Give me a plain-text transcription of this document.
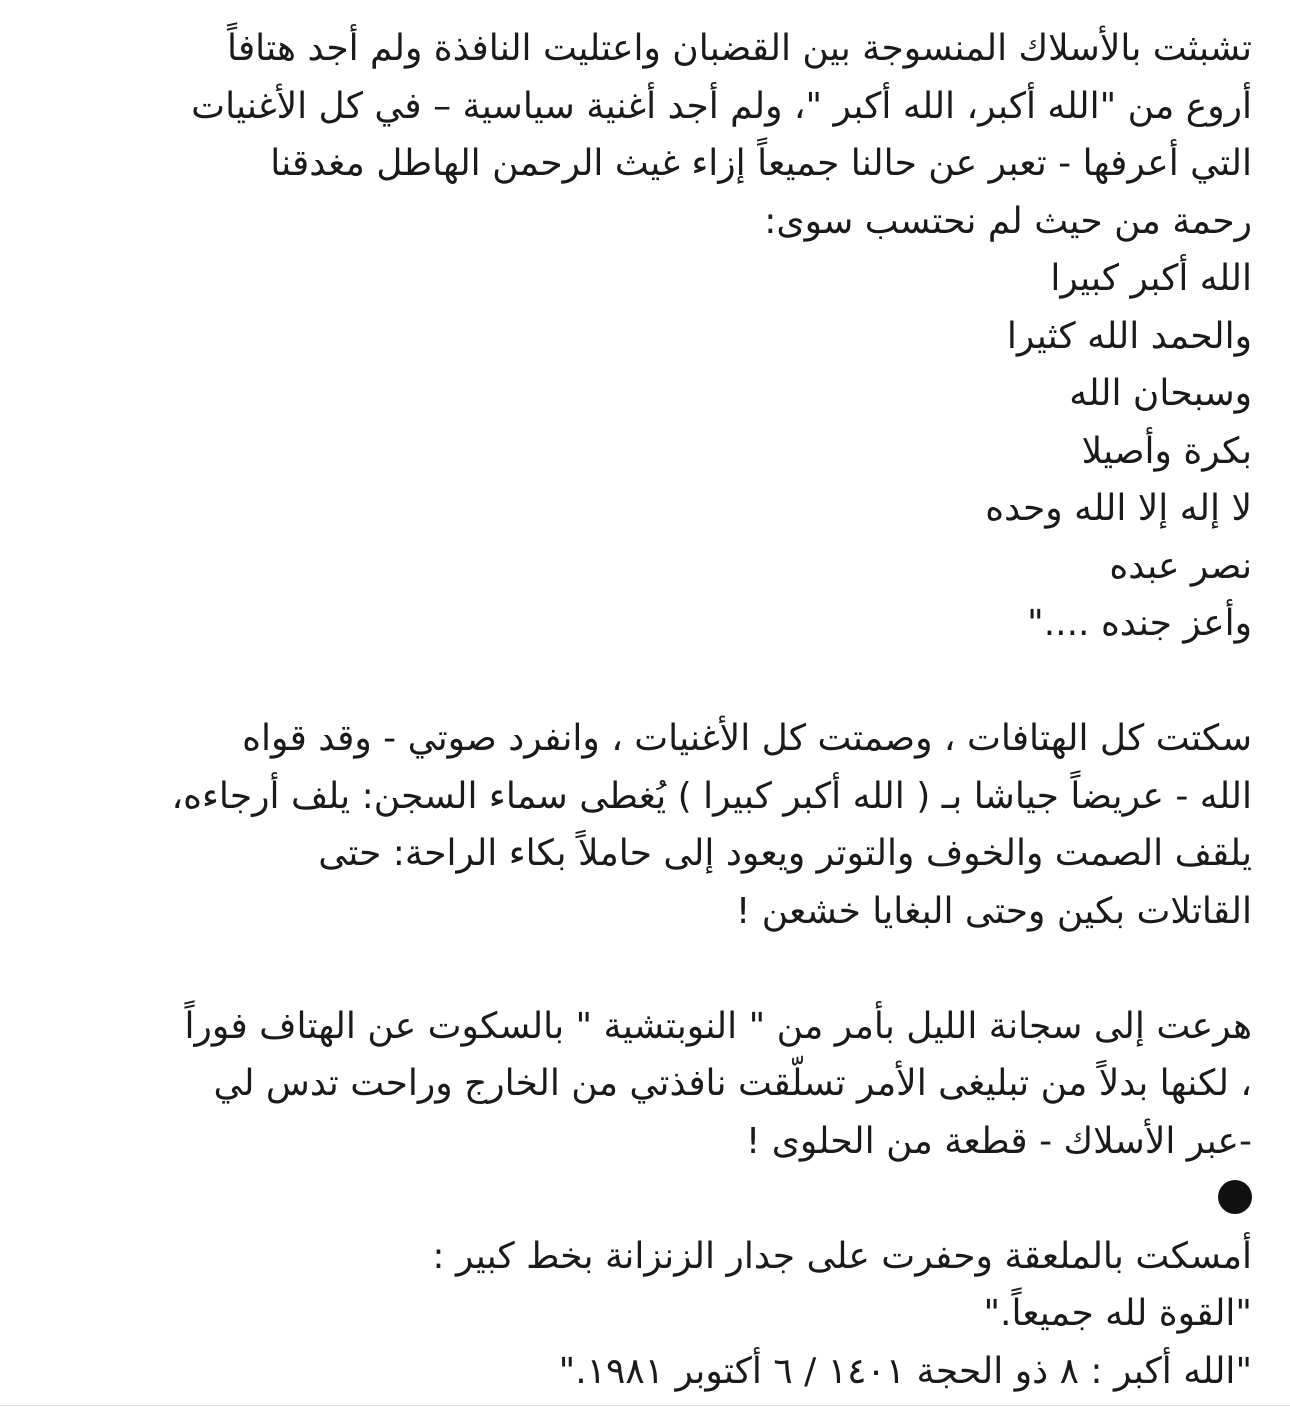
تشبثت بالأسلاك المنسوجة بين القضبان واعتليت النافذة ولم أجد هتافاً
أروع من "الله أكبر، الله أكبر "، ولم أجد أغنية سياسية – في كل الأغنيات
التي أعرفها - تعبر عن حالنا جميعاً إزاء غيث الرحمن الهاطل مغدقنا
رحمة من حيث لم نحتسب سوى:
الله أكبر كبيرا
والحمد الله كثيرا
وسبحان الله
بكرة وأصيلا
لا إله إلا الله وحده
نصر عبده
وأعز جنده ...."
سكتت كل الهتافات ، وصمتت كل الأغنيات ، وانفرد صوتي - وقد قواه
الله - عريضاً جياشا بـ ( الله أكبر كبيرا ) يُغطى سماء السجن: يلف أرجاءه،
يلقف الصمت والخوف والتوتر ويعود إلى حاملاً بكاء الراحة: حتى
القاتلات بكين وحتى البغايا خشعن !
هرعت إلى سجانة الليل بأمر من " النوبتشية " بالسكوت عن الهتاف فوراً
، لكنها بدلاً من تبليغى الأمر تسلّقت نافذتي من الخارج وراحت تدس لي
-عبر الأسلاك - قطعة من الحلوى !
أمسكت بالملعقة وحفرت على جدار الزنزانة بخط كبير :
"القوة لله جميعاً."
"الله أكبر : ٨ ذو الحجة ١٤٠١ / ٦ أكتوبر ١٩٨١."
